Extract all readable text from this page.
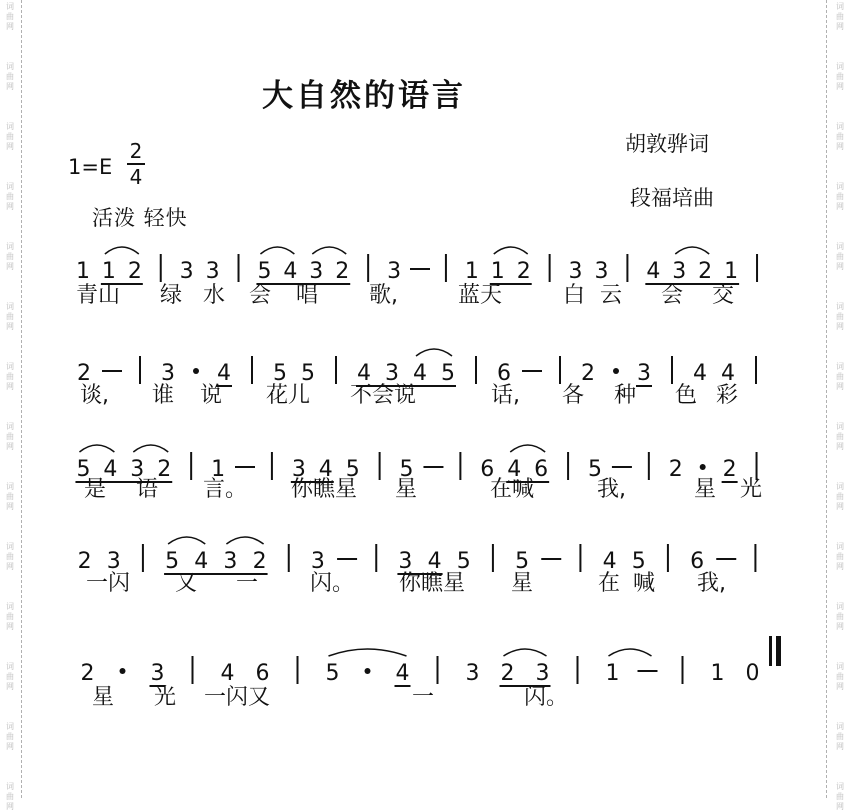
词
曲
网
词
曲
网
词
曲
网
词
曲
网
词
曲
网
词
曲
网
词
曲
网
词
曲
网
词
曲
网
词
曲
网
词
曲
网
词
曲
网
词
曲
网
词
曲
网
词
曲
网
词
曲
网
词
曲
网
词
曲
网
词
曲
网
词
曲
网
词
曲
网
词
曲
网
词
曲
网
词
曲
网
词
曲
网
词
曲
网
词
曲
网
词
曲
网
大自然的语言
胡敦骅词
段福培曲
1=E
2
4
活泼 轻快
1 1 2 3 3 5 4 3 2 3	1 1 2 3 3 4 3 2 1
2	3 4 5 5 4 3 4 5 6	2 3 4 4
5 4 3 2 1	3 4 5 5	6 4 6 5	2 2
2 3 5 4 3 2 3	3 4 5 5	4 5 6
2	3	4 6	5	4	3 2 3	1	1 0
青山 绿 水 会 唱 歌,	蓝天	白 云 会 交
谈, 谁 说 花儿 不会说	话, 各 种 色 彩
是 语 言。 你瞧星 星	在喊	我,	星 光
一闪 又 一 闪。 你瞧星 星	在 喊 我,
星 光 一闪又	一	闪。
